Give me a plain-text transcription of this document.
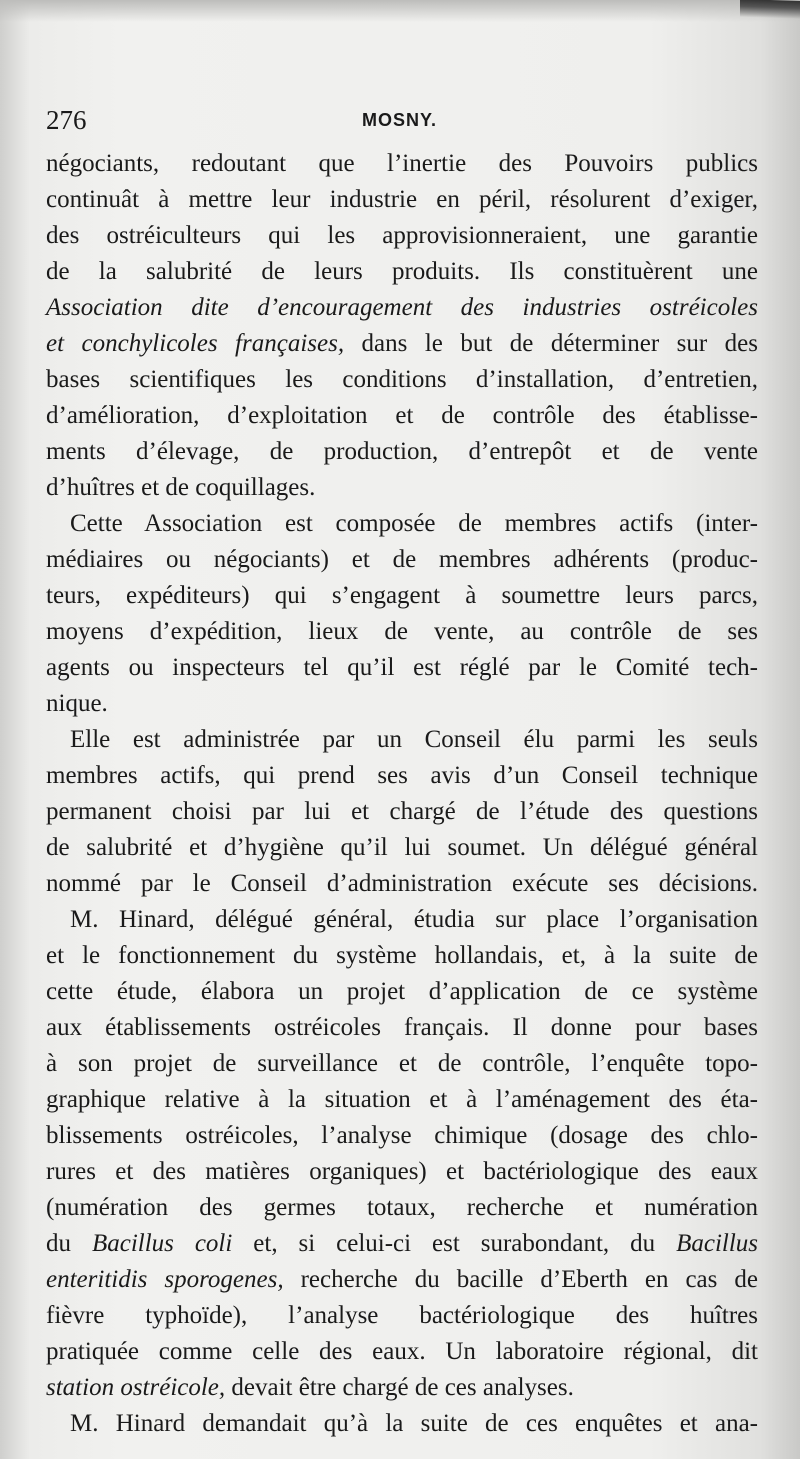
276	MOSNY.
négociants, redoutant que l’inertie des Pouvoirs publics
continuât à mettre leur industrie en péril, résolurent d’exiger,
des ostréiculteurs qui les approvisionneraient, une garantie
de la salubrité de leurs produits. Ils constituèrent une
Association dite d’encouragement des industries ostréicoles
et conchylicoles françaises, dans le but de déterminer sur des
bases scientifiques les conditions d’installation, d’entretien,
d’amélioration, d’exploitation et de contrôle des établisse-
ments d’élevage, de production, d’entrepôt et de vente
d’huîtres et de coquillages.
Cette Association est composée de membres actifs (inter-
médiaires ou négociants) et de membres adhérents (produc-
teurs, expéditeurs) qui s’engagent à soumettre leurs parcs,
moyens d’expédition, lieux de vente, au contrôle de ses
agents ou inspecteurs tel qu’il est réglé par le Comité tech-
nique.
Elle est administrée par un Conseil élu parmi les seuls
membres actifs, qui prend ses avis d’un Conseil technique
permanent choisi par lui et chargé de l’étude des questions
de salubrité et d’hygiène qu’il lui soumet. Un délégué général
nommé par le Conseil d’administration exécute ses décisions.
M. Hinard, délégué général, étudia sur place l’organisation
et le fonctionnement du système hollandais, et, à la suite de
cette étude, élabora un projet d’application de ce système
aux établissements ostréicoles français. Il donne pour bases
à son projet de surveillance et de contrôle, l’enquête topo-
graphique relative à la situation et à l’aménagement des éta-
blissements ostréicoles, l’analyse chimique (dosage des chlo-
rures et des matières organiques) et bactériologique des eaux
(numération des germes totaux, recherche et numération
du Bacillus coli et, si celui-ci est surabondant, du Bacillus
enteritidis sporogenes, recherche du bacille d’Eberth en cas de
fièvre typhoïde), l’analyse bactériologique des huîtres
pratiquée comme celle des eaux. Un laboratoire régional, dit
station ostréicole, devait être chargé de ces analyses.
M. Hinard demandait qu’à la suite de ces enquêtes et ana-
